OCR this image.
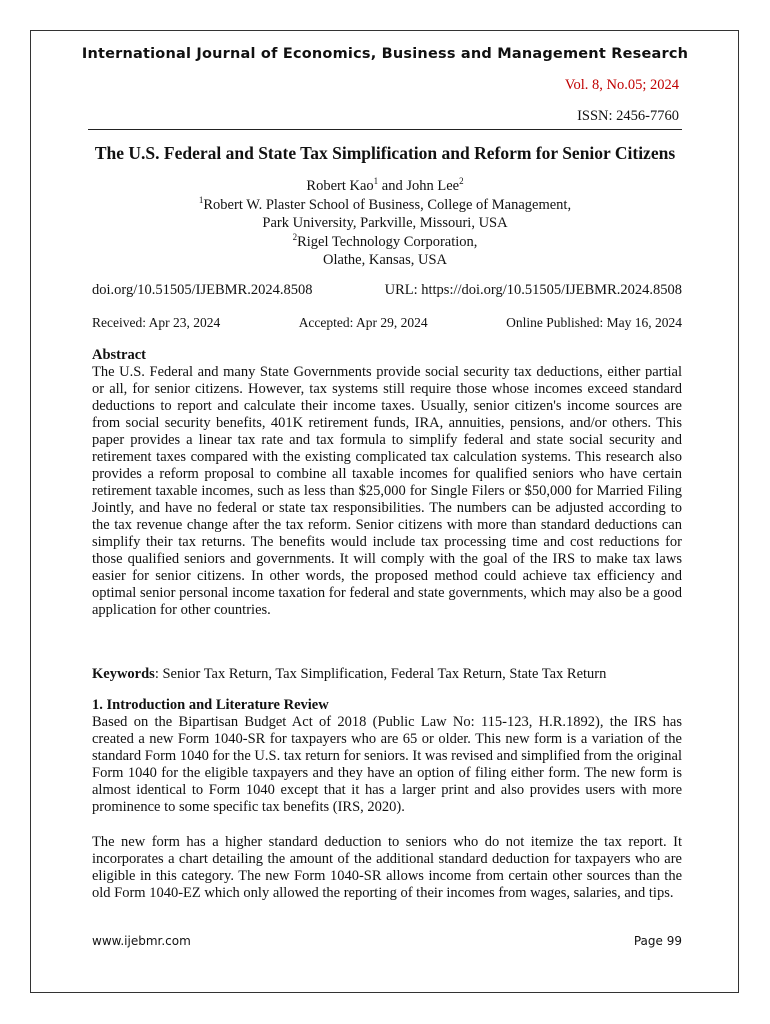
International Journal of Economics, Business and Management Research
Vol. 8, No.05; 2024
ISSN: 2456-7760
The U.S. Federal and State Tax Simplification and Reform for Senior Citizens
Robert Kao$^1$ and John Lee$^2$
$^1$Robert W. Plaster School of Business, College of Management,
Park University, Parkville, Missouri, USA
$^2$Rigel Technology Corporation,
Olathe, Kansas, USA
doi.org/10.51505/IJEBMR.2024.8508	URL: https://doi.org/10.51505/IJEBMR.2024.8508
Received: Apr 23, 2024	Accepted: Apr 29, 2024	Online Published: May 16, 2024
Abstract

The U.S. Federal and many State Governments provide social security tax deductions, either partial or all, for senior citizens. However, tax systems still require those whose incomes exceed standard deductions to report and calculate their income taxes. Usually, senior citizen's income sources are from social security benefits, 401K retirement funds, IRA, annuities, pensions, and/or others. This paper provides a linear tax rate and tax formula to simplify federal and state social security and retirement taxes compared with the existing complicated tax calculation systems. This research also provides a reform proposal to combine all taxable incomes for qualified seniors who have certain retirement taxable incomes, such as less than $25,000 for Single Filers or $50,000 for Married Filing Jointly, and have no federal or state tax responsibilities. The numbers can be adjusted according to the tax revenue change after the tax reform. Senior citizens with more than standard deductions can simplify their tax returns. The benefits would include tax processing time and cost reductions for those qualified seniors and governments. It will comply with the goal of the IRS to make tax laws easier for senior citizens. In other words, the proposed method could achieve tax efficiency and optimal senior personal income taxation for federal and state governments, which may also be a good application for other countries.

Keywords: Senior Tax Return, Tax Simplification, Federal Tax Return, State Tax Return
1. Introduction and Literature Review

Based on the Bipartisan Budget Act of 2018 (Public Law No: 115-123, H.R.1892), the IRS has created a new Form 1040-SR for taxpayers who are 65 or older. This new form is a variation of the standard Form 1040 for the U.S. tax return for seniors. It was revised and simplified from the original Form 1040 for the eligible taxpayers and they have an option of filing either form. The new form is almost identical to Form 1040 except that it has a larger print and also provides users with more prominence to some specific tax benefits (IRS, 2020).

The new form has a higher standard deduction to seniors who do not itemize the tax report. It incorporates a chart detailing the amount of the additional standard deduction for taxpayers who are eligible in this category. The new Form 1040-SR allows income from certain other sources than the old Form 1040-EZ which only allowed the reporting of their incomes from wages, salaries, and tips.

www.ijebmr.com	Page 99
